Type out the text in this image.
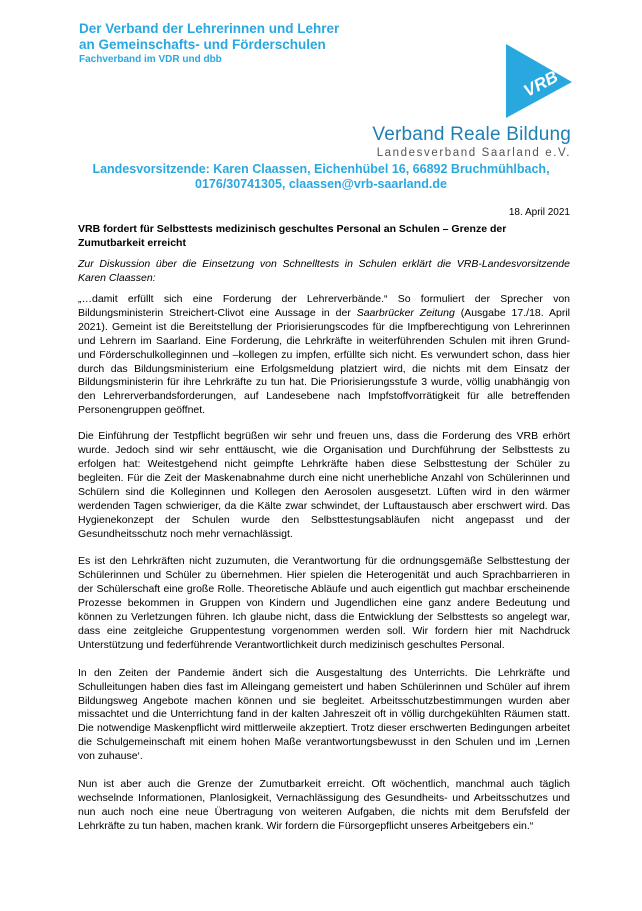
Der Verband der Lehrerinnen und Lehrer
an Gemeinschafts- und Förderschulen
Fachverband im VDR und dbb
VRB
Verband Reale Bildung
Landesverband Saarland e.V.
Landesvorsitzende: Karen Claassen, Eichenhübel 16, 66892 Bruchmühlbach,
0176/30741305, claassen@vrb-saarland.de
18. April 2021
VRB fordert für Selbsttests medizinisch geschultes Personal an Schulen – Grenze der Zumutbarkeit erreicht
Zur Diskussion über die Einsetzung von Schnelltests in Schulen erklärt die VRB-Landesvorsitzende Karen Claassen:

„…damit erfüllt sich eine Forderung der Lehrerverbände.“ So formuliert der Sprecher von Bildungsministerin Streichert-Clivot eine Aussage in der Saarbrücker Zeitung (Ausgabe 17./18. April 2021). Gemeint ist die Bereitstellung der Priorisierungscodes für die Impfberechtigung von Lehrerinnen und Lehrern im Saarland. Eine Forderung, die Lehrkräfte in weiterführenden Schulen mit ihren Grund- und Förderschulkolleginnen und –kollegen zu impfen, erfüllte sich nicht. Es verwundert schon, dass hier durch das Bildungsministerium eine Erfolgsmeldung platziert wird, die nichts mit dem Einsatz der Bildungsministerin für ihre Lehrkräfte zu tun hat. Die Priorisierungsstufe 3 wurde, völlig unabhängig von den Lehrerverbandsforderungen, auf Landesebene nach Impfstoffvorrätigkeit für alle betreffenden Personengruppen geöffnet.

Die Einführung der Testpflicht begrüßen wir sehr und freuen uns, dass die Forderung des VRB erhört wurde. Jedoch sind wir sehr enttäuscht, wie die Organisation und Durchführung der Selbsttests zu erfolgen hat: Weitestgehend nicht geimpfte Lehrkräfte haben diese Selbsttestung der Schüler zu begleiten. Für die Zeit der Maskenabnahme durch eine nicht unerhebliche Anzahl von Schülerinnen und Schülern sind die Kolleginnen und Kollegen den Aerosolen ausgesetzt. Lüften wird in den wärmer werdenden Tagen schwieriger, da die Kälte zwar schwindet, der Luftaustausch aber erschwert wird. Das Hygienekonzept der Schulen wurde den Selbsttestungsabläufen nicht angepasst und der Gesundheitsschutz noch mehr vernachlässigt.

Es ist den Lehrkräften nicht zuzumuten, die Verantwortung für die ordnungsgemäße Selbsttestung der Schülerinnen und Schüler zu übernehmen. Hier spielen die Heterogenität und auch Sprachbarrieren in der Schülerschaft eine große Rolle. Theoretische Abläufe und auch eigentlich gut machbar erscheinende Prozesse bekommen in Gruppen von Kindern und Jugendlichen eine ganz andere Bedeutung und können zu Verletzungen führen. Ich glaube nicht, dass die Entwicklung der Selbsttests so angelegt war, dass eine zeitgleiche Gruppentestung vorgenommen werden soll. Wir fordern hier mit Nachdruck Unterstützung und federführende Verantwortlichkeit durch medizinisch geschultes Personal.

In den Zeiten der Pandemie ändert sich die Ausgestaltung des Unterrichts. Die Lehrkräfte und Schulleitungen haben dies fast im Alleingang gemeistert und haben Schülerinnen und Schüler auf ihrem Bildungsweg Angebote machen können und sie begleitet. Arbeitsschutzbestimmungen wurden aber missachtet und die Unterrichtung fand in der kalten Jahreszeit oft in völlig durchgekühlten Räumen statt. Die notwendige Maskenpflicht wird mittlerweile akzeptiert. Trotz dieser erschwerten Bedingungen arbeitet die Schulgemeinschaft mit einem hohen Maße verantwortungsbewusst in den Schulen und im ‚Lernen von zuhause‘.

Nun ist aber auch die Grenze der Zumutbarkeit erreicht. Oft wöchentlich, manchmal auch täglich wechselnde Informationen, Planlosigkeit, Vernachlässigung des Gesundheits- und Arbeitsschutzes und nun auch noch eine neue Übertragung von weiteren Aufgaben, die nichts mit dem Berufsfeld der Lehrkräfte zu tun haben, machen krank. Wir fordern die Fürsorgepflicht unseres Arbeitgebers ein.“
